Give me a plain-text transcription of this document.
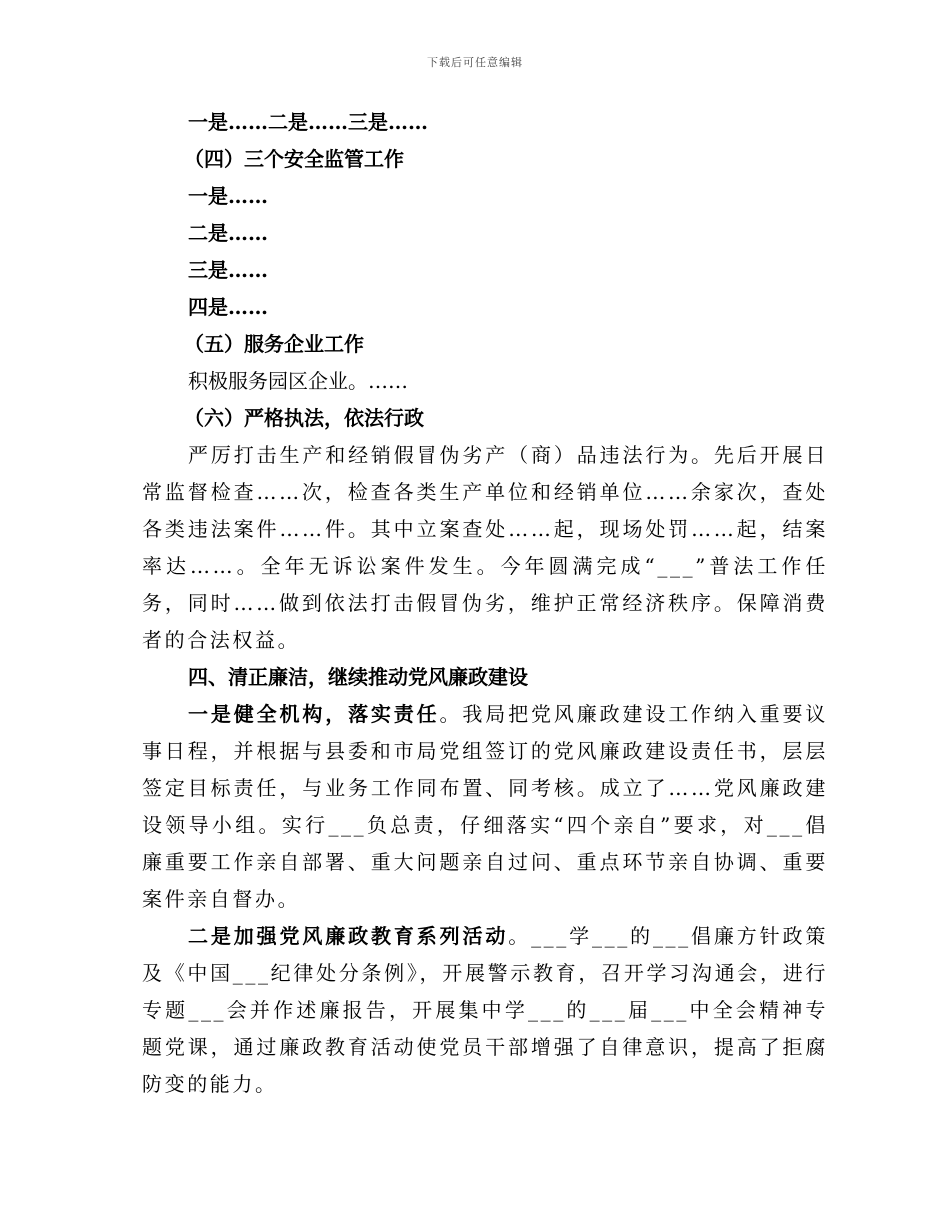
下载后可任意编辑

一是……二是……三是……

（四）三个安全监管工作

一是……

二是……

三是……

四是……

（五）服务企业工作

积极服务园区企业。……

（六）严格执法，依法行政

严厉打击生产和经销假冒伪劣产（商）品违法行为。先后开展日常监督检查……次，检查各类生产单位和经销单位……余家次，查处各类违法案件……件。其中立案查处……起，现场处罚……起，结案率达……。全年无诉讼案件发生。今年圆满完成“___”普法工作任务，同时……做到依法打击假冒伪劣，维护正常经济秩序。保障消费者的合法权益。

四、清正廉洁，继续推动党风廉政建设

一是健全机构，落实责任。我局把党风廉政建设工作纳入重要议事日程，并根据与县委和市局党组签订的党风廉政建设责任书，层层签定目标责任，与业务工作同布置、同考核。成立了……党风廉政建设领导小组。实行___负总责，仔细落实“四个亲自”要求，对___倡廉重要工作亲自部署、重大问题亲自过问、重点环节亲自协调、重要案件亲自督办。

二是加强党风廉政教育系列活动。___学___的___倡廉方针政策及《中国___纪律处分条例》，开展警示教育，召开学习沟通会，进行专题___会并作述廉报告，开展集中学___的___届___中全会精神专题党课，通过廉政教育活动使党员干部增强了自律意识，提高了拒腐防变的能力。
